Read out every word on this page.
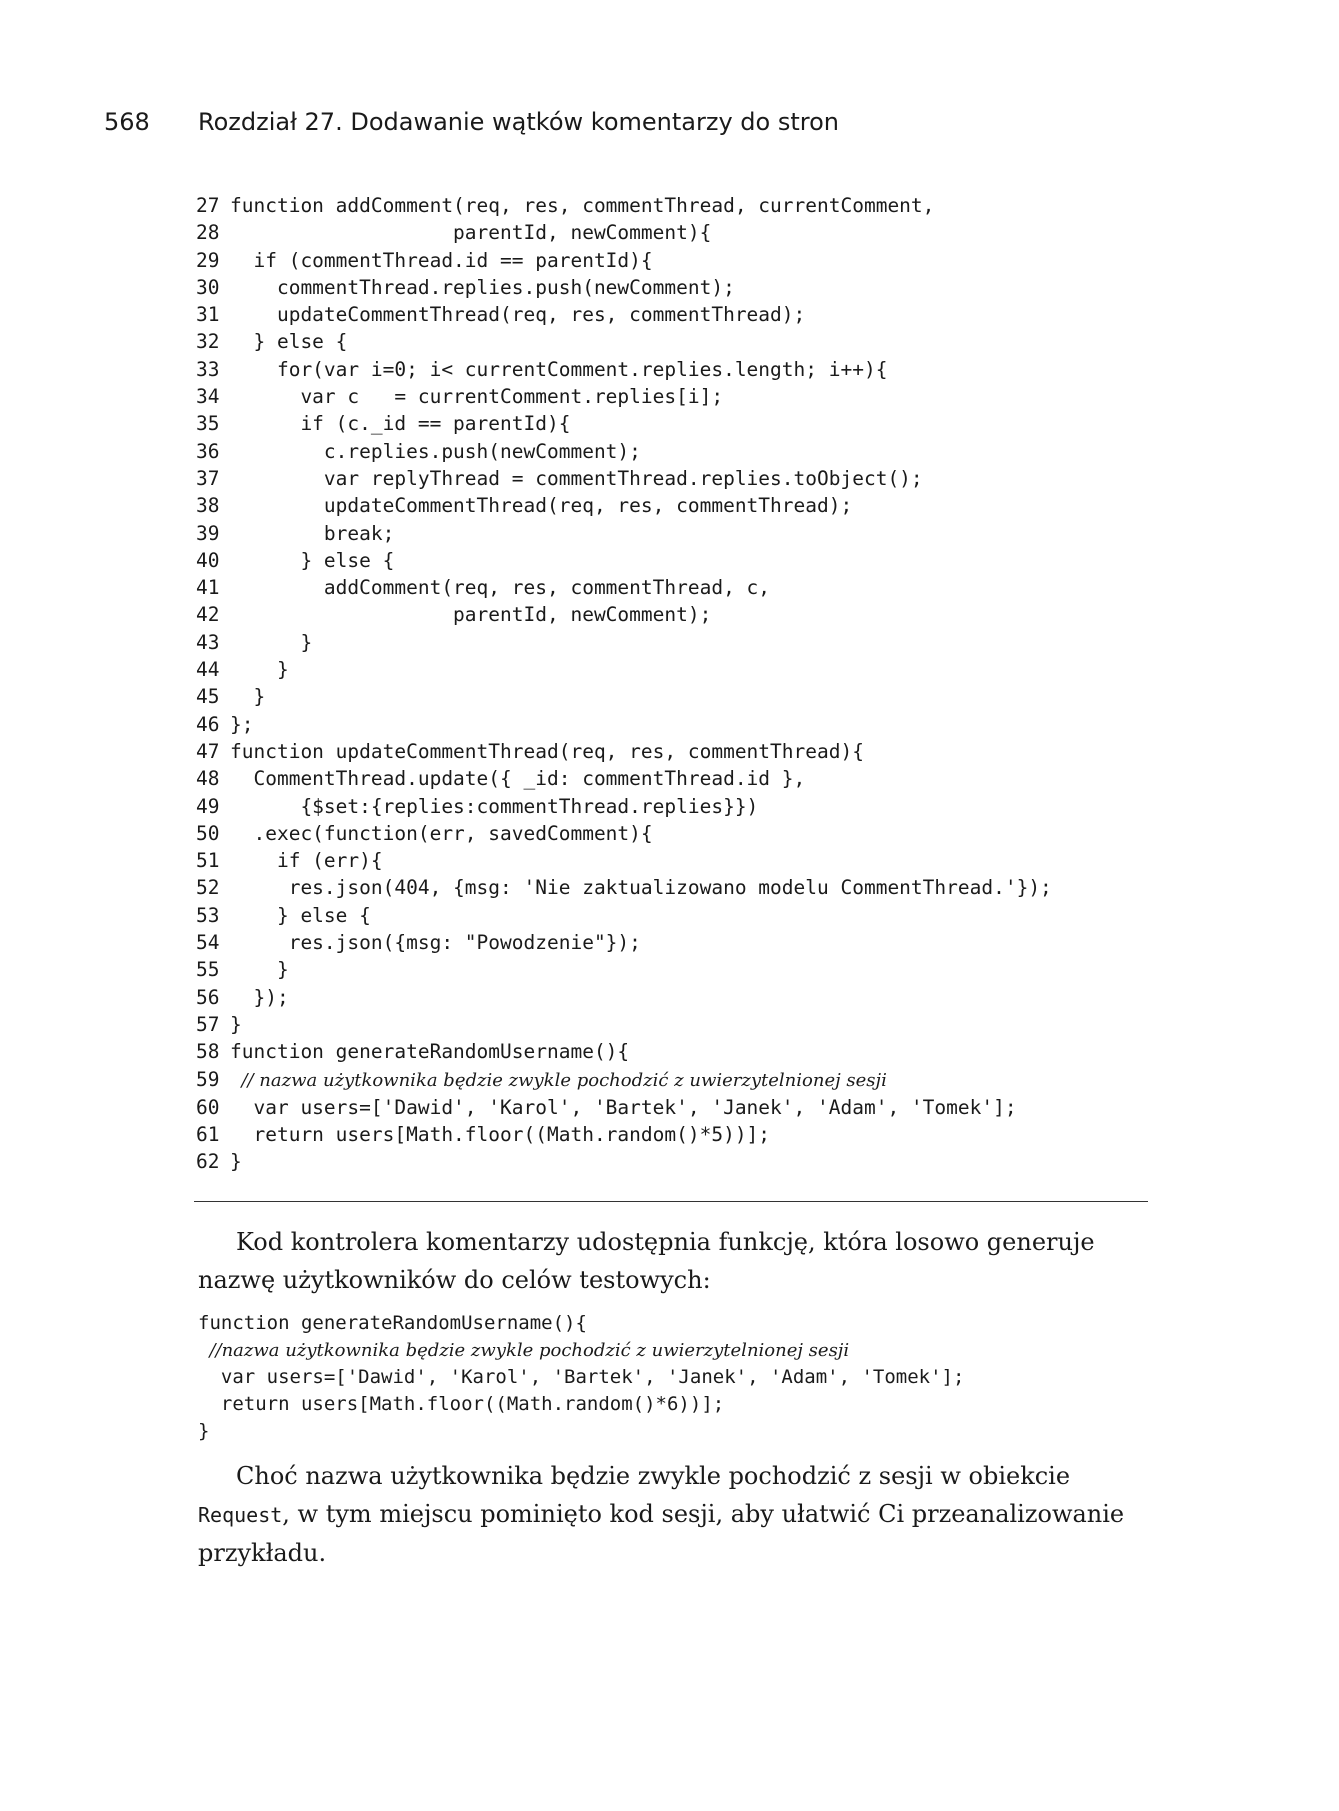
568 Rozdział 27. Dodawanie wątków komentarzy do stron
27 function addComment(req, res, commentThread, currentComment,
28                   parentId, newComment){
29  if (commentThread.id == parentId){
30    commentThread.replies.push(newComment);
31    updateCommentThread(req, res, commentThread);
32  } else {
33    for(var i=0; i< currentComment.replies.length; i++){
34      var c   = currentComment.replies[i];
35      if (c._id == parentId){
36        c.replies.push(newComment);
37        var replyThread = commentThread.replies.toObject();
38        updateCommentThread(req, res, commentThread);
39        break;
40      } else {
41        addComment(req, res, commentThread, c,
42                   parentId, newComment);
43      }
44    }
45  }
46 };
47 function updateCommentThread(req, res, commentThread){
48  CommentThread.update({ _id: commentThread.id },
49      {$set:{replies:commentThread.replies}})
50  .exec(function(err, savedComment){
51    if (err){
52     res.json(404, {msg: 'Nie zaktualizowano modelu CommentThread.'});
53    } else {
54     res.json({msg: "Powodzenie"});
55    }
56  });
57 }
58 function generateRandomUsername(){
59  // nazwa użytkownika będzie zwykle pochodzić z uwierzytelnionej sesji
60  var users=['Dawid', 'Karol', 'Bartek', 'Janek', 'Adam', 'Tomek'];
61  return users[Math.floor((Math.random()*5))];
62 }
Kod kontrolera komentarzy udostępnia funkcję, która losowo generuje nazwę użytkowników do celów testowych:
function generateRandomUsername(){
//nazwa użytkownika będzie zwykle pochodzić z uwierzytelnionej sesji
var users=['Dawid', 'Karol', 'Bartek', 'Janek', 'Adam', 'Tomek'];
return users[Math.floor((Math.random()*6))];
}
Choć nazwa użytkownika będzie zwykle pochodzić z sesji w obiekcie Request, w tym miejscu pominięto kod sesji, aby ułatwić Ci przeanalizowanie przykładu.
